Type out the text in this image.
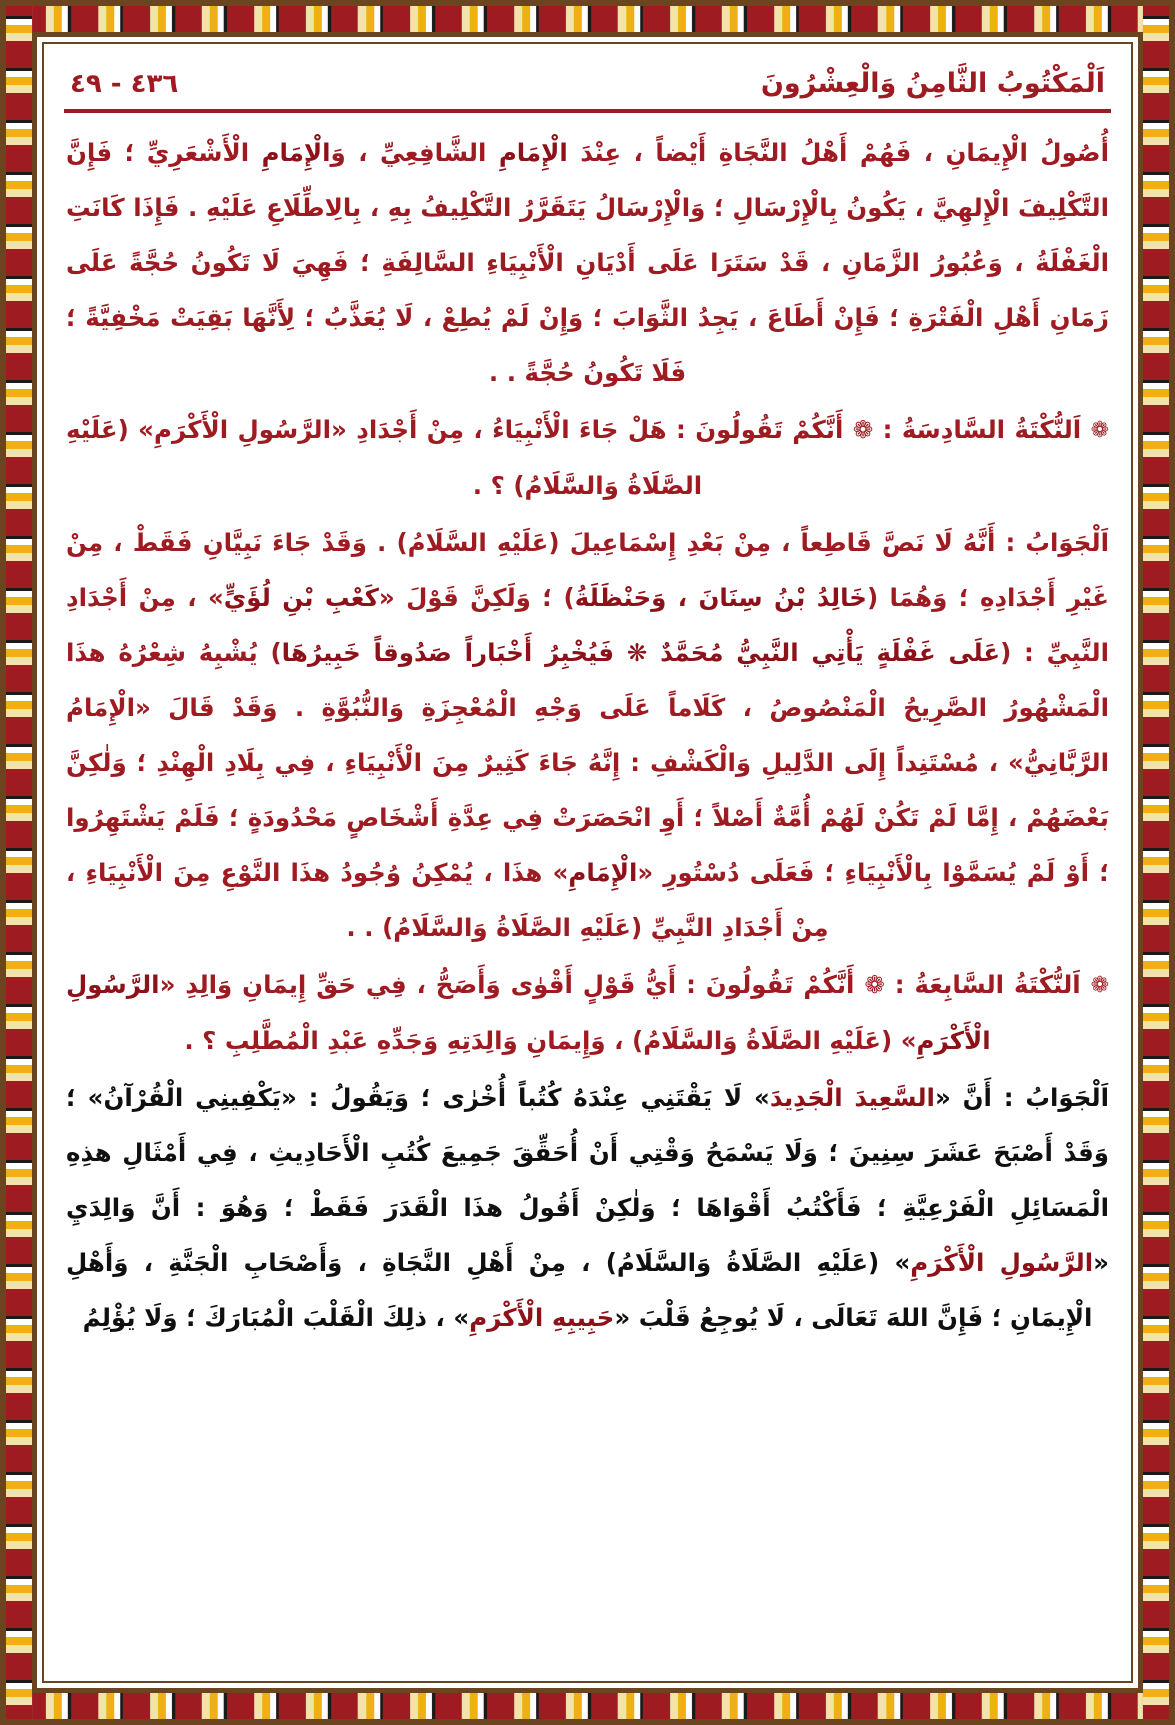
اَلْمَكْتُوبُ الثَّامِنُ وَالْعِشْرُونَ
٤٣٦ - ٤٩

أُصُولُ الْإِيمَانِ ، فَهُمْ أَهْلُ النَّجَاةِ أَيْضاً ، عِنْدَ الْإِمَامِ الشَّافِعِيِّ ، وَالْإِمَامِ الْأَشْعَرِيِّ ؛ فَإِنَّ التَّكْلِيفَ الْإِلهِيَّ ، يَكُونُ بِالْإِرْسَالِ ؛ وَالْإِرْسَالُ يَتَقَرَّرُ التَّكْلِيفُ بِهِ ، بِالِاطِّلَاعِ عَلَيْهِ . فَإِذَا كَانَتِ الْغَفْلَةُ ، وَعُبُورُ الزَّمَانِ ، قَدْ سَتَرَا عَلَى أَدْيَانِ الْأَنْبِيَاءِ السَّالِفَةِ ؛ فَهِيَ لَا تَكُونُ حُجَّةً عَلَى زَمَانِ أَهْلِ الْفَتْرَةِ ؛ فَإِنْ أَطَاعَ ، يَجِدُ الثَّوَابَ ؛ وَإِنْ لَمْ يُطِعْ ، لَا يُعَذَّبُ ؛ لِأَنَّهَا بَقِيَتْ مَخْفِيَّةً ؛ فَلَا تَكُونُ حُجَّةً . .

❁ اَلنُّكْتَةُ السَّادِسَةُ : ❁ أَنَّكُمْ تَقُولُونَ : هَلْ جَاءَ الْأَنْبِيَاءُ ، مِنْ أَجْدَادِ «الرَّسُولِ الْأَكْرَمِ» (عَلَيْهِ الصَّلَاةُ وَالسَّلَامُ) ؟ .

اَلْجَوَابُ : أَنَّهُ لَا نَصَّ قَاطِعاً ، مِنْ بَعْدِ إِسْمَاعِيلَ (عَلَيْهِ السَّلَامُ) . وَقَدْ جَاءَ نَبِيَّانِ فَقَطْ ، مِنْ غَيْرِ أَجْدَادِهِ ؛ وَهُمَا (خَالِدُ بْنُ سِنَانَ ، وَحَنْظَلَةُ) ؛ وَلَكِنَّ قَوْلَ «كَعْبِ بْنِ لُؤَيٍّ» ، مِنْ أَجْدَادِ النَّبِيِّ : (عَلَى غَفْلَةٍ يَأْتِي النَّبِيُّ مُحَمَّدٌ ❋ فَيُخْبِرُ أَخْبَاراً صَدُوقاً خَبِيرُهَا) يُشْبِهُ شِعْرُهُ هذَا الْمَشْهُورُ الصَّرِيحُ الْمَنْصُوصُ ، كَلَاماً عَلَى وَجْهِ الْمُعْجِزَةِ وَالنُّبُوَّةِ . وَقَدْ قَالَ «الْإِمَامُ الرَّبَّانِيُّ» ، مُسْتَنِداً إِلَى الدَّلِيلِ وَالْكَشْفِ : إِنَّهُ جَاءَ كَثِيرٌ مِنَ الْأَنْبِيَاءِ ، فِي بِلَادِ الْهِنْدِ ؛ وَلٰكِنَّ بَعْضَهُمْ ، إِمَّا لَمْ تَكُنْ لَهُمْ أُمَّةٌ أَصْلاً ؛ أَوِ انْحَصَرَتْ فِي عِدَّةِ أَشْخَاصٍ مَحْدُودَةٍ ؛ فَلَمْ يَشْتَهِرُوا ؛ أَوْ لَمْ يُسَمَّوْا بِالْأَنْبِيَاءِ ؛ فَعَلَى دُسْتُورِ «الْإِمَامِ» هذَا ، يُمْكِنُ وُجُودُ هذَا النَّوْعِ مِنَ الْأَنْبِيَاءِ ، مِنْ أَجْدَادِ النَّبِيِّ (عَلَيْهِ الصَّلَاةُ وَالسَّلَامُ) . .

❁ اَلنُّكْتَةُ السَّابِعَةُ : ❁ أَنَّكُمْ تَقُولُونَ : أَيُّ قَوْلٍ أَقْوٰى وَأَصَحُّ ، فِي حَقِّ إِيمَانِ وَالِدِ «الرَّسُولِ الْأَكْرَمِ» (عَلَيْهِ الصَّلَاةُ وَالسَّلَامُ) ، وَإِيمَانِ وَالِدَتِهِ وَجَدِّهِ عَبْدِ الْمُطَّلِبِ ؟ .

اَلْجَوَابُ : أَنَّ «السَّعِيدَ الْجَدِيدَ» لَا يَقْتَنِي عِنْدَهُ كُتُباً أُخْرٰى ؛ وَيَقُولُ : «يَكْفِينِي الْقُرْآنُ» ؛ وَقَدْ أَصْبَحَ عَشَرَ سِنِينَ ؛ وَلَا يَسْمَحُ وَقْتِي أَنْ أُحَقِّقَ جَمِيعَ كُتُبِ الْأَحَادِيثِ ، فِي أَمْثَالِ هذِهِ الْمَسَائِلِ الْفَرْعِيَّةِ ؛ فَأَكْتُبُ أَقْوَاهَا ؛ وَلٰكِنْ أَقُولُ هذَا الْقَدَرَ فَقَطْ ؛ وَهُوَ : أَنَّ وَالِدَيِ «الرَّسُولِ الْأَكْرَمِ» (عَلَيْهِ الصَّلَاةُ وَالسَّلَامُ) ، مِنْ أَهْلِ النَّجَاةِ ، وَأَصْحَابِ الْجَنَّةِ ، وَأَهْلِ الْإِيمَانِ ؛ فَإِنَّ اللهَ تَعَالَى ، لَا يُوجِعُ قَلْبَ «حَبِيبِهِ الْأَكْرَمِ» ، ذلِكَ الْقَلْبَ الْمُبَارَكَ ؛ وَلَا يُؤْلِمُ
